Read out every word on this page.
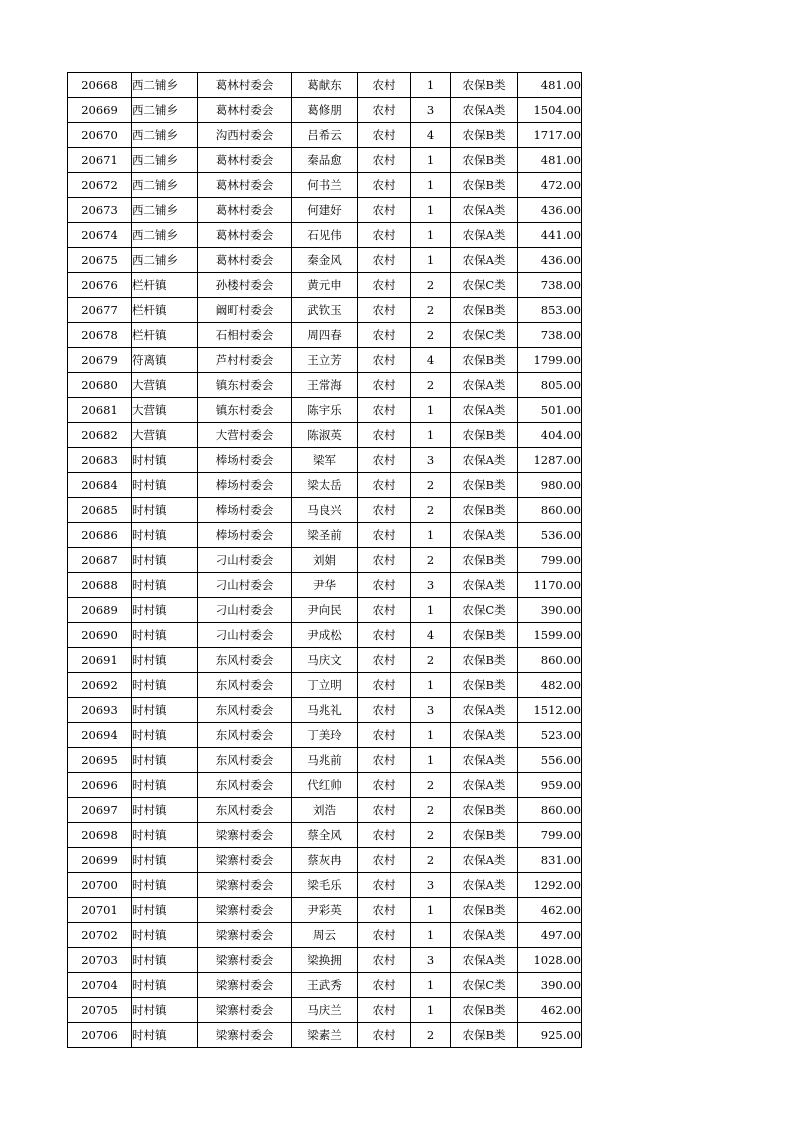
20668	西二铺乡	葛林村委会	葛献东	农村	1	农保B类	481.00
20669	西二铺乡	葛林村委会	葛修朋	农村	3	农保A类	1504.00
20670	西二铺乡	沟西村委会	吕希云	农村	4	农保B类	1717.00
20671	西二铺乡	葛林村委会	秦品愈	农村	1	农保B类	481.00
20672	西二铺乡	葛林村委会	何书兰	农村	1	农保B类	472.00
20673	西二铺乡	葛林村委会	何建好	农村	1	农保A类	436.00
20674	西二铺乡	葛林村委会	石见伟	农村	1	农保A类	441.00
20675	西二铺乡	葛林村委会	秦金风	农村	1	农保A类	436.00
20676	栏杆镇	孙楼村委会	黄元申	农村	2	农保C类	738.00
20677	栏杆镇	阚町村委会	武钦玉	农村	2	农保B类	853.00
20678	栏杆镇	石相村委会	周四春	农村	2	农保C类	738.00
20679	符离镇	芦村村委会	王立芳	农村	4	农保B类	1799.00
20680	大营镇	镇东村委会	王常海	农村	2	农保A类	805.00
20681	大营镇	镇东村委会	陈宇乐	农村	1	农保A类	501.00
20682	大营镇	大营村委会	陈淑英	农村	1	农保B类	404.00
20683	时村镇	棒场村委会	梁军	农村	3	农保A类	1287.00
20684	时村镇	棒场村委会	梁太岳	农村	2	农保B类	980.00
20685	时村镇	棒场村委会	马良兴	农村	2	农保B类	860.00
20686	时村镇	棒场村委会	梁圣前	农村	1	农保A类	536.00
20687	时村镇	刁山村委会	刘娟	农村	2	农保B类	799.00
20688	时村镇	刁山村委会	尹华	农村	3	农保A类	1170.00
20689	时村镇	刁山村委会	尹向民	农村	1	农保C类	390.00
20690	时村镇	刁山村委会	尹成松	农村	4	农保B类	1599.00
20691	时村镇	东风村委会	马庆文	农村	2	农保B类	860.00
20692	时村镇	东风村委会	丁立明	农村	1	农保B类	482.00
20693	时村镇	东风村委会	马兆礼	农村	3	农保A类	1512.00
20694	时村镇	东风村委会	丁美玲	农村	1	农保A类	523.00
20695	时村镇	东风村委会	马兆前	农村	1	农保A类	556.00
20696	时村镇	东风村委会	代红帅	农村	2	农保A类	959.00
20697	时村镇	东风村委会	刘浩	农村	2	农保B类	860.00
20698	时村镇	梁寨村委会	蔡全风	农村	2	农保B类	799.00
20699	时村镇	梁寨村委会	蔡灰冉	农村	2	农保A类	831.00
20700	时村镇	梁寨村委会	梁毛乐	农村	3	农保A类	1292.00
20701	时村镇	梁寨村委会	尹彩英	农村	1	农保B类	462.00
20702	时村镇	梁寨村委会	周云	农村	1	农保A类	497.00
20703	时村镇	梁寨村委会	梁换拥	农村	3	农保A类	1028.00
20704	时村镇	梁寨村委会	王武秀	农村	1	农保C类	390.00
20705	时村镇	梁寨村委会	马庆兰	农村	1	农保B类	462.00
20706	时村镇	梁寨村委会	梁素兰	农村	2	农保B类	925.00
